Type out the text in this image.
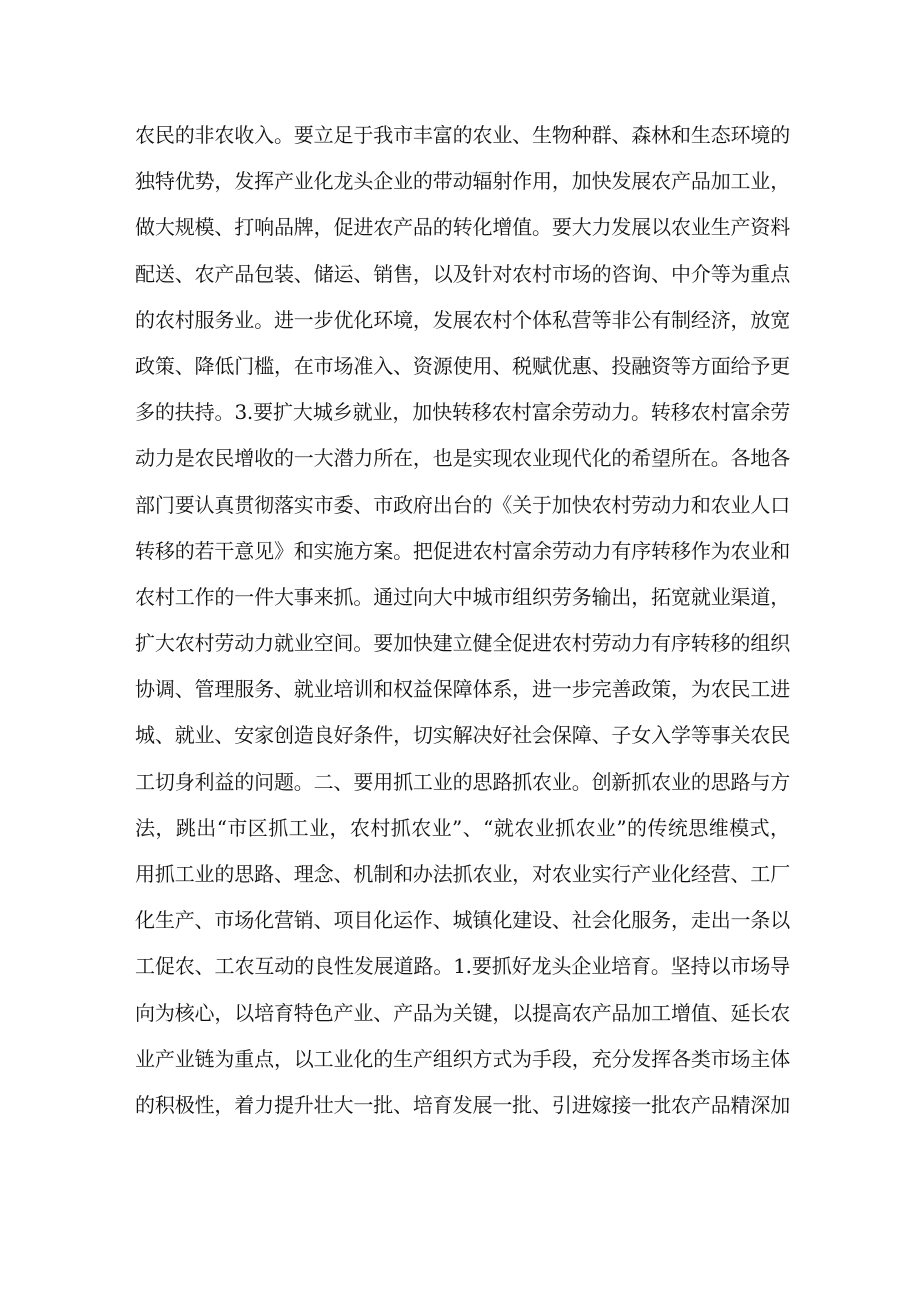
农民的非农收入。要立足于我市丰富的农业、生物种群、森林和生态环境的
独特优势，发挥产业化龙头企业的带动辐射作用，加快发展农产品加工业，
做大规模、打响品牌，促进农产品的转化增值。要大力发展以农业生产资料
配送、农产品包装、储运、销售，以及针对农村市场的咨询、中介等为重点
的农村服务业。进一步优化环境，发展农村个体私营等非公有制经济，放宽
政策、降低门槛，在市场准入、资源使用、税赋优惠、投融资等方面给予更
多的扶持。3.要扩大城乡就业，加快转移农村富余劳动力。转移农村富余劳
动力是农民增收的一大潜力所在，也是实现农业现代化的希望所在。各地各
部门要认真贯彻落实市委、市政府出台的《关于加快农村劳动力和农业人口
转移的若干意见》和实施方案。把促进农村富余劳动力有序转移作为农业和
农村工作的一件大事来抓。通过向大中城市组织劳务输出，拓宽就业渠道，
扩大农村劳动力就业空间。要加快建立健全促进农村劳动力有序转移的组织
协调、管理服务、就业培训和权益保障体系，进一步完善政策，为农民工进
城、就业、安家创造良好条件，切实解决好社会保障、子女入学等事关农民
工切身利益的问题。二、要用抓工业的思路抓农业。创新抓农业的思路与方
法，跳出“市区抓工业，农村抓农业”、“就农业抓农业”的传统思维模式，
用抓工业的思路、理念、机制和办法抓农业，对农业实行产业化经营、工厂
化生产、市场化营销、项目化运作、城镇化建设、社会化服务，走出一条以
工促农、工农互动的良性发展道路。1.要抓好龙头企业培育。坚持以市场导
向为核心，以培育特色产业、产品为关键，以提高农产品加工增值、延长农
业产业链为重点，以工业化的生产组织方式为手段，充分发挥各类市场主体
的积极性，着力提升壮大一批、培育发展一批、引进嫁接一批农产品精深加
